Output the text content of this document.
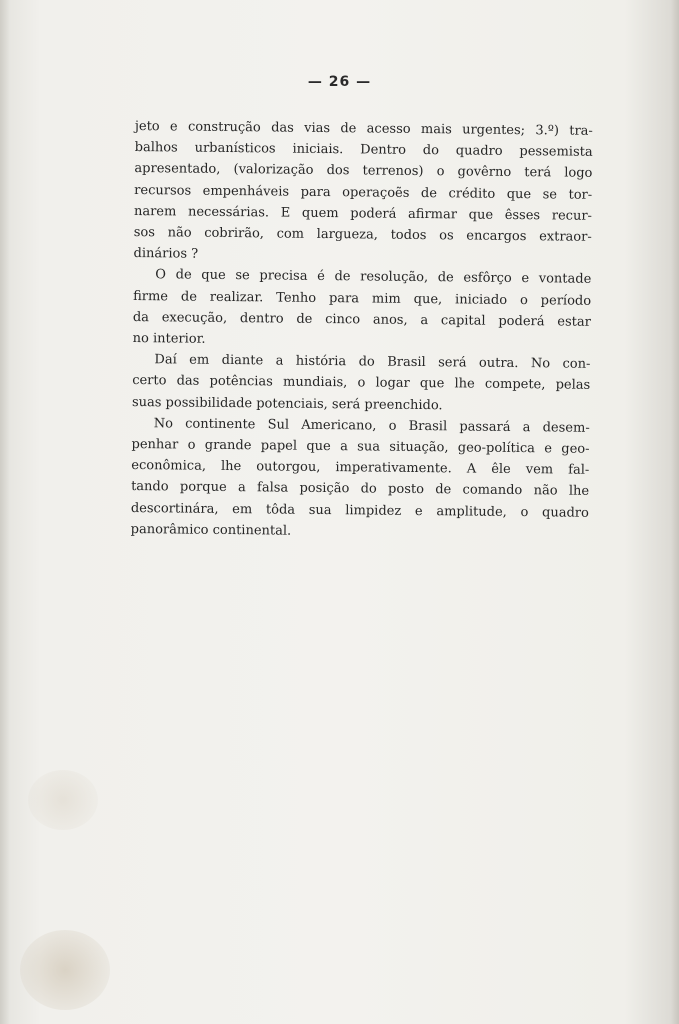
— 26 —
jeto e construção das vias de acesso mais urgentes; 3.º) tra-
balhos urbanísticos iniciais. Dentro do quadro pessemista
apresentado, (valorização dos terrenos) o govêrno terá logo
recursos empenháveis para operaçoẽs de crédito que se tor-
narem necessárias. E quem poderá afirmar que êsses recur-
sos não cobrirão, com largueza, todos os encargos extraor-
dinários ?
O de que se precisa é de resolução, de esfôrço e vontade
firme de realizar. Tenho para mim que, iniciado o período
da execução, dentro de cinco anos, a capital poderá estar
no interior.
Daí em diante a história do Brasil será outra. No con-
certo das potências mundiais, o logar que lhe compete, pelas
suas possibilidade potenciais, será preenchido.
No continente Sul Americano, o Brasil passará a desem-
penhar o grande papel que a sua situação, geo-política e geo-
econômica, lhe outorgou, imperativamente. A êle vem fal-
tando porque a falsa posição do posto de comando não lhe
descortinára, em tôda sua limpidez e amplitude, o quadro
panorâmico continental.
